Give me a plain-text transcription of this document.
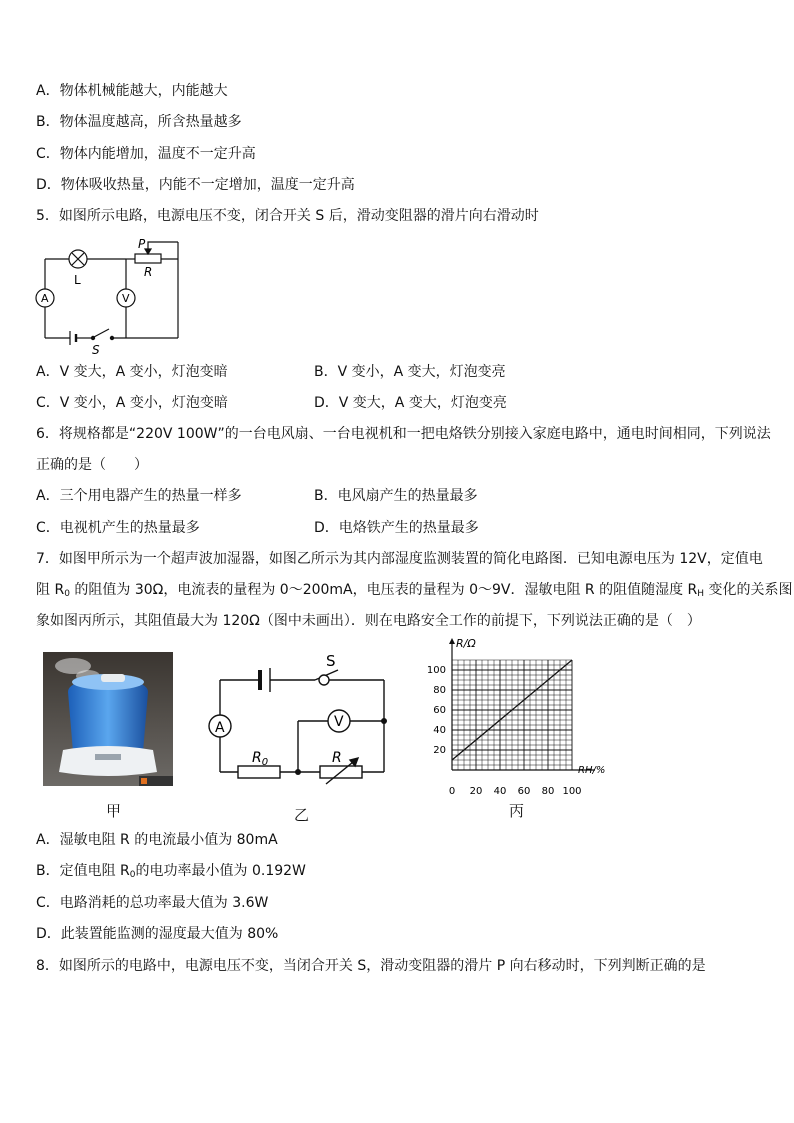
A．物体机械能越大，内能越大
B．物体温度越高，所含热量越多
C．物体内能增加，温度不一定升高
D．物体吸收热量，内能不一定增加，温度一定升高
5．如图所示电路，电源电压不变，闭合开关 S 后，滑动变阻器的滑片向右滑动时
P
R
L
A	V
S
A．V 变大，A 变小，灯泡变暗	B．V 变小，A 变大，灯泡变亮
C．V 变小，A 变小，灯泡变暗	D．V 变大，A 变大，灯泡变亮
6．将规格都是“220V 100W”的一台电风扇、一台电视机和一把电烙铁分别接入家庭电路中，通电时间相同，下列说法
正确的是（　　）
A．三个用电器产生的热量一样多	B．电风扇产生的热量最多
C．电视机产生的热量最多	D．电烙铁产生的热量最多
7．如图甲所示为一个超声波加湿器，如图乙所示为其内部湿度监测装置的简化电路图．已知电源电压为 12V，定值电
阻 $R_0$ 的阻值为 30Ω，电流表的量程为 0～200mA，电压表的量程为 0～9V．湿敏电阻 R 的阻值随湿度 $R_H$ 变化的关系图
象如图丙所示，其阻值最大为 120Ω（图中未画出）．则在电路安全工作的前提下，下列说法正确的是（　）
甲
S
A	V
$R_0$	R
乙
0 20 40 60 80 100
20
40
60
80
100
R/Ω
RH/%
丙
A．湿敏电阻 R 的电流最小值为 80mA
B．定值电阻 $R_0$的电功率最小值为 0.192W
C．电路消耗的总功率最大值为 3.6W
D．此装置能监测的湿度最大值为 80%
8．如图所示的电路中，电源电压不变，当闭合开关 S，滑动变阻器的滑片 P 向右移动时，下列判断正确的是
